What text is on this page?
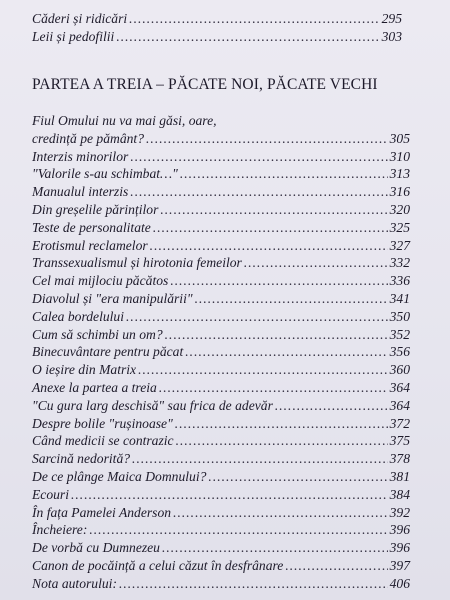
Căderi și ridicări .....	295
Leii și pedofilii .....	303
PARTEA A TREIA – PĂCATE NOI, PĂCATE VECHI
Fiul Omului nu va mai găsi, oare,
credință pe pământ? .....	305
Interzis minorilor .....	310
"Valorile s-au schimbat…" .....	313
Manualul interzis .....	316
Din greșelile părinților .....	320
Teste de personalitate .....	325
Erotismul reclamelor .....	327
Transsexualismul și hirotonia femeilor .....	332
Cel mai mijlociu păcătos .....	336
Diavolul și "era manipulării" .....	341
Calea bordelului .....	350
Cum să schimbi un om? .....	352
Binecuvântare pentru păcat .....	356
O ieșire din Matrix .....	360
Anexe la partea a treia .....	364
"Cu gura larg deschisă" sau frica de adevăr .....	364
Despre bolile "rușinoase" .....	372
Când medicii se contrazic .....	375
Sarcină nedorită? .....	378
De ce plânge Maica Domnului? .....	381
Ecouri .....	384
În fața Pamelei Anderson .....	392
Încheiere: .....	396
De vorbă cu Dumnezeu .....	396
Canon de pocăință a celui căzut în desfrânare .....	397
Nota autorului: .....	406
